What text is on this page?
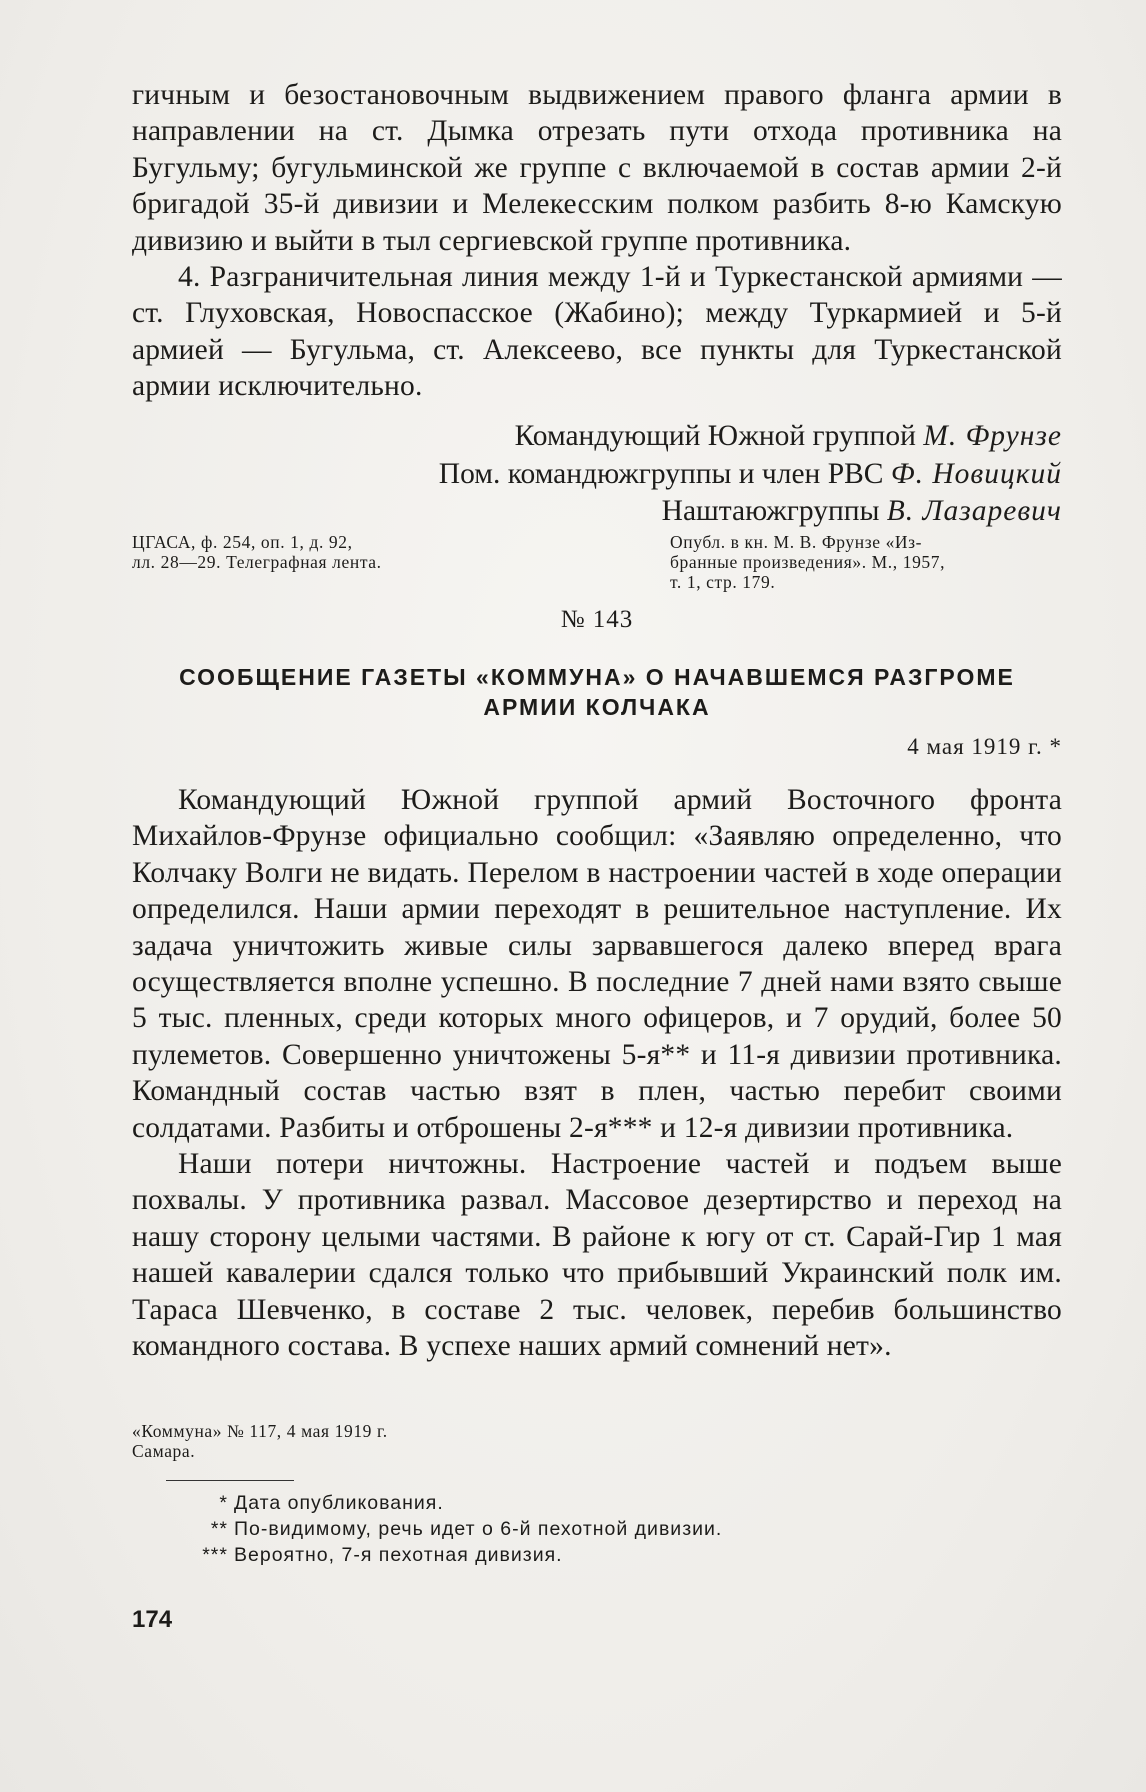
гичным и безостановочным выдвижением правого фланга армии в направлении на ст. Дымка отрезать пути отхода противника на Бугульму; бугульминской же группе с включаемой в состав армии 2-й бригадой 35-й дивизии и Мелекесским полком разбить 8-ю Камскую дивизию и выйти в тыл сергиевской группе противника.

4. Разграничительная линия между 1-й и Туркестанской армиями — ст. Глуховская, Новоспасское (Жабино); между Туркармией и 5-й армией — Бугульма, ст. Алексеево, все пункты для Туркестанской армии исключительно.

Командующий Южной группой М. Фрунзе
Пом. командюжгруппы и член РВС Ф. Новицкий
Наштаюжгруппы В. Лазаревич
ЦГАСА, ф. 254, оп. 1, д. 92,
лл. 28—29. Телеграфная лента.
Опубл. в кн. М. В. Фрунзе «Из-
бранные произведения». М., 1957,
т. 1, стр. 179.
№ 143
СООБЩЕНИЕ ГАЗЕТЫ «КОММУНА» О НАЧАВШЕМСЯ РАЗГРОМЕ
АРМИИ КОЛЧАКА
4 мая 1919 г. *

Командующий Южной группой армий Восточного фронта Михайлов-Фрунзе официально сообщил: «Заявляю определенно, что Колчаку Волги не видать. Перелом в настроении частей в ходе операции определился. Наши армии переходят в решительное наступление. Их задача уничтожить живые силы зарвавшегося далеко вперед врага осуществляется вполне успешно. В последние 7 дней нами взято свыше 5 тыс. пленных, среди которых много офицеров, и 7 орудий, более 50 пулеметов. Совершенно уничтожены 5-я** и 11-я дивизии противника. Командный состав частью взят в плен, частью перебит своими солдатами. Разбиты и отброшены 2-я*** и 12-я дивизии противника.

Наши потери ничтожны. Настроение частей и подъем выше похвалы. У противника развал. Массовое дезертирство и переход на нашу сторону целыми частями. В районе к югу от ст. Сарай-Гир 1 мая нашей кавалерии сдался только что прибывший Украинский полк им. Тараса Шевченко, в составе 2 тыс. человек, перебив большинство командного состава. В успехе наших армий сомнений нет».

«Коммуна» № 117, 4 мая 1919 г.
Самара.
* Дата опубликования.
** По-видимому, речь идет о 6-й пехотной дивизии.
*** Вероятно, 7-я пехотная дивизия.
174
